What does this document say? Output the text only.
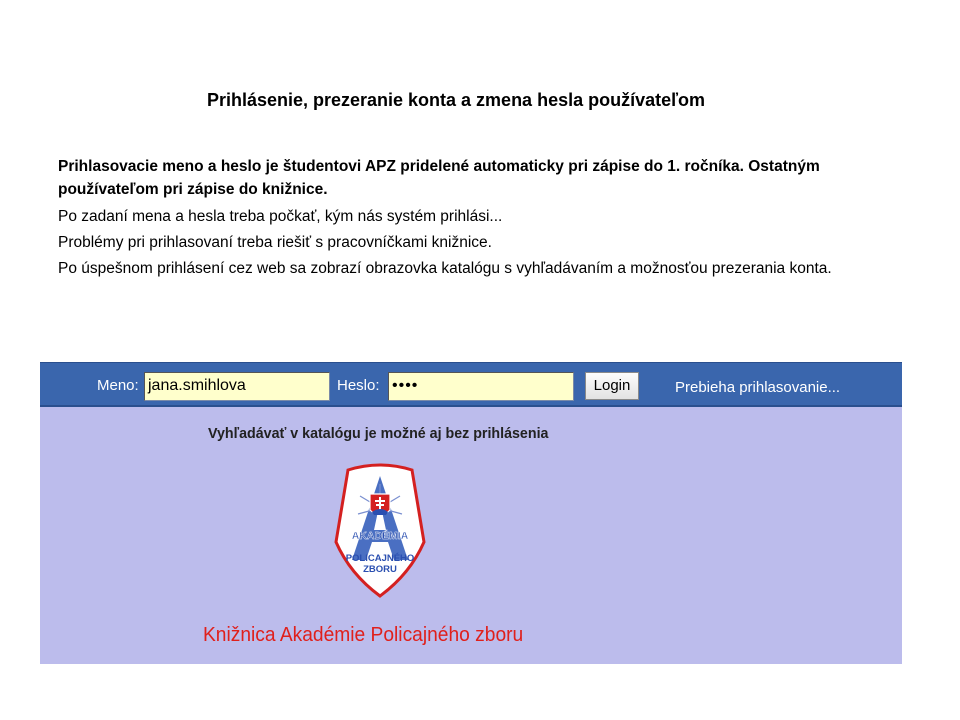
Prihlásenie, prezeranie konta a zmena hesla používateľom
Prihlasovacie meno a heslo je študentovi APZ pridelené automaticky pri zápise do 1. ročníka. Ostatným používateľom pri zápise do knižnice.
Po zadaní mena a hesla treba počkať, kým nás systém prihlási...
Problémy pri prihlasovaní treba riešiť s pracovníčkami knižnice.
Po úspešnom prihlásení cez web sa zobrazí obrazovka katalógu s vyhľadávaním a možnosťou prezerania konta.
Meno: jana.smihlova	Heslo: ••••	Login	Prebieha prihlasovanie...
Vyhľadávať v katalógu je možné aj bez prihlásenia
AKADÉMIA
POLICAJNÉHO
ZBORU
Knižnica Akadémie Policajného zboru
